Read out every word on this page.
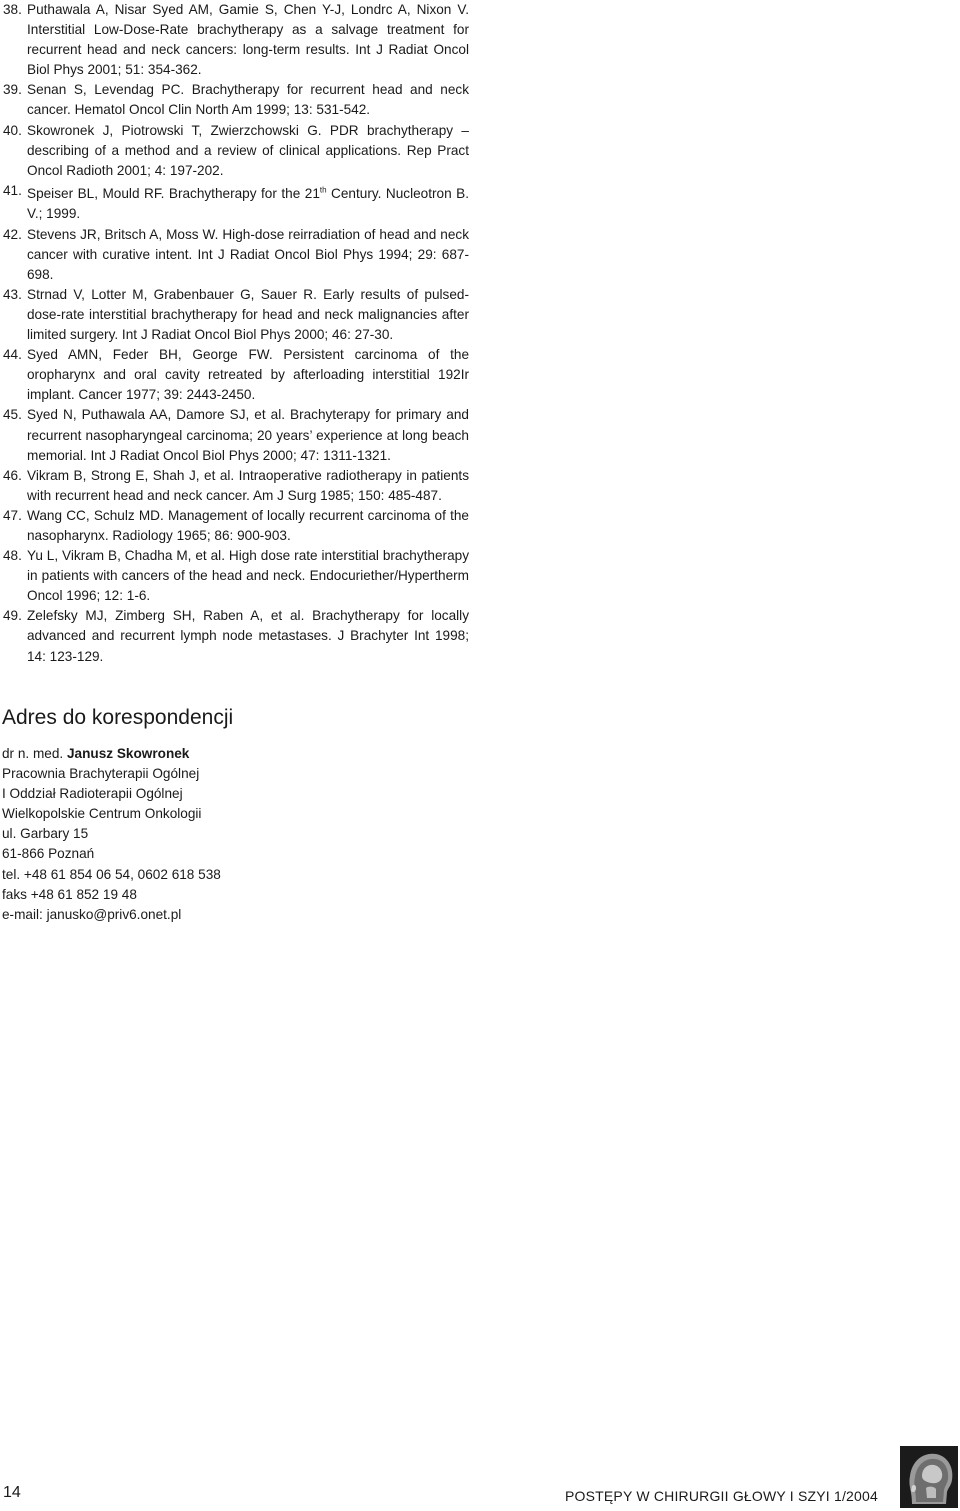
38. Puthawala A, Nisar Syed AM, Gamie S, Chen Y-J, Londrc A, Nixon V. Interstitial Low-Dose-Rate brachytherapy as a salvage treatment for recurrent head and neck cancers: long-term results. Int J Radiat Oncol Biol Phys 2001; 51: 354-362.
39. Senan S, Levendag PC. Brachytherapy for recurrent head and neck cancer. Hematol Oncol Clin North Am 1999; 13: 531-542.
40. Skowronek J, Piotrowski T, Zwierzchowski G. PDR brachytherapy – describing of a method and a review of clinical applications. Rep Pract Oncol Radioth 2001; 4: 197-202.
41. Speiser BL, Mould RF. Brachytherapy for the 21th Century. Nucleotron B. V.; 1999.
42. Stevens JR, Britsch A, Moss W. High-dose reirradiation of head and neck cancer with curative intent. Int J Radiat Oncol Biol Phys 1994; 29: 687-698.
43. Strnad V, Lotter M, Grabenbauer G, Sauer R. Early results of pulsed-dose-rate interstitial brachytherapy for head and neck malignancies after limited surgery. Int J Radiat Oncol Biol Phys 2000; 46: 27-30.
44. Syed AMN, Feder BH, George FW. Persistent carcinoma of the oropharynx and oral cavity retreated by afterloading interstitial 192Ir implant. Cancer 1977; 39: 2443-2450.
45. Syed N, Puthawala AA, Damore SJ, et al. Brachyterapy for primary and recurrent nasopharyngeal carcinoma; 20 years’ experience at long beach memorial. Int J Radiat Oncol Biol Phys 2000; 47: 1311-1321.
46. Vikram B, Strong E, Shah J, et al. Intraoperative radiotherapy in patients with recurrent head and neck cancer. Am J Surg 1985; 150: 485-487.
47. Wang CC, Schulz MD. Management of locally recurrent carcinoma of the nasopharynx. Radiology 1965; 86: 900-903.
48. Yu L, Vikram B, Chadha M, et al. High dose rate interstitial brachytherapy in patients with cancers of the head and neck. Endocuriether/Hypertherm Oncol 1996; 12: 1-6.
49. Zelefsky MJ, Zimberg SH, Raben A, et al. Brachytherapy for locally advanced and recurrent lymph node metastases. J Brachyter Int 1998; 14: 123-129.
Adres do korespondencji
dr n. med. Janusz Skowronek
Pracownia Brachyterapii Ogólnej
I Oddział Radioterapii Ogólnej
Wielkopolskie Centrum Onkologii
ul. Garbary 15
61-866 Poznań
tel. +48 61 854 06 54, 0602 618 538
faks +48 61 852 19 48
e-mail: janusko@priv6.onet.pl
14	POSTĘPY W CHIRURGII GŁOWY I SZYI 1/2004
